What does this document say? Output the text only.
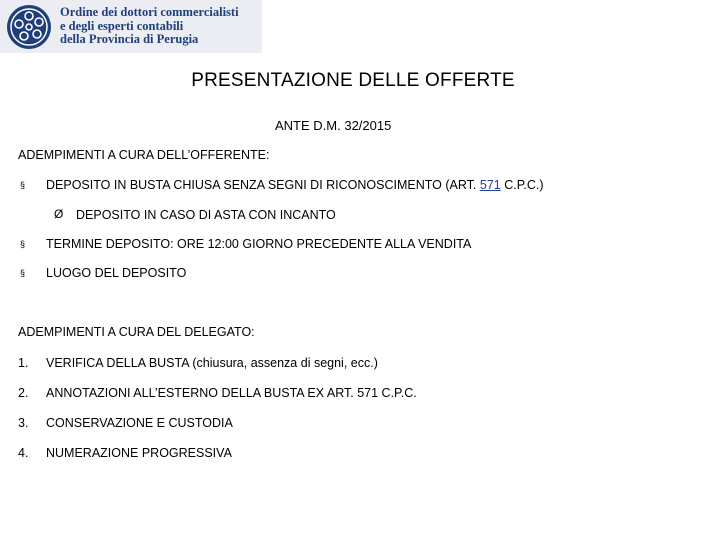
Ordine dei dottori commercialisti
e degli esperti contabili
della Provincia di Perugia
PRESENTAZIONE DELLE OFFERTE
ANTE D.M. 32/2015
ADEMPIMENTI A CURA DELL’OFFERENTE:
§ DEPOSITO IN BUSTA CHIUSA SENZA SEGNI DI RICONOSCIMENTO (ART. 571 C.P.C.)
Ø DEPOSITO IN CASO DI ASTA CON INCANTO
§ TERMINE DEPOSITO: ORE 12:00 GIORNO PRECEDENTE ALLA VENDITA
§ LUOGO DEL DEPOSITO
ADEMPIMENTI A CURA DEL DELEGATO:
1. VERIFICA DELLA BUSTA (chiusura, assenza di segni, ecc.)
2. ANNOTAZIONI ALL’ESTERNO DELLA BUSTA EX ART. 571 C.P.C.
3. CONSERVAZIONE E CUSTODIA
4. NUMERAZIONE PROGRESSIVA
